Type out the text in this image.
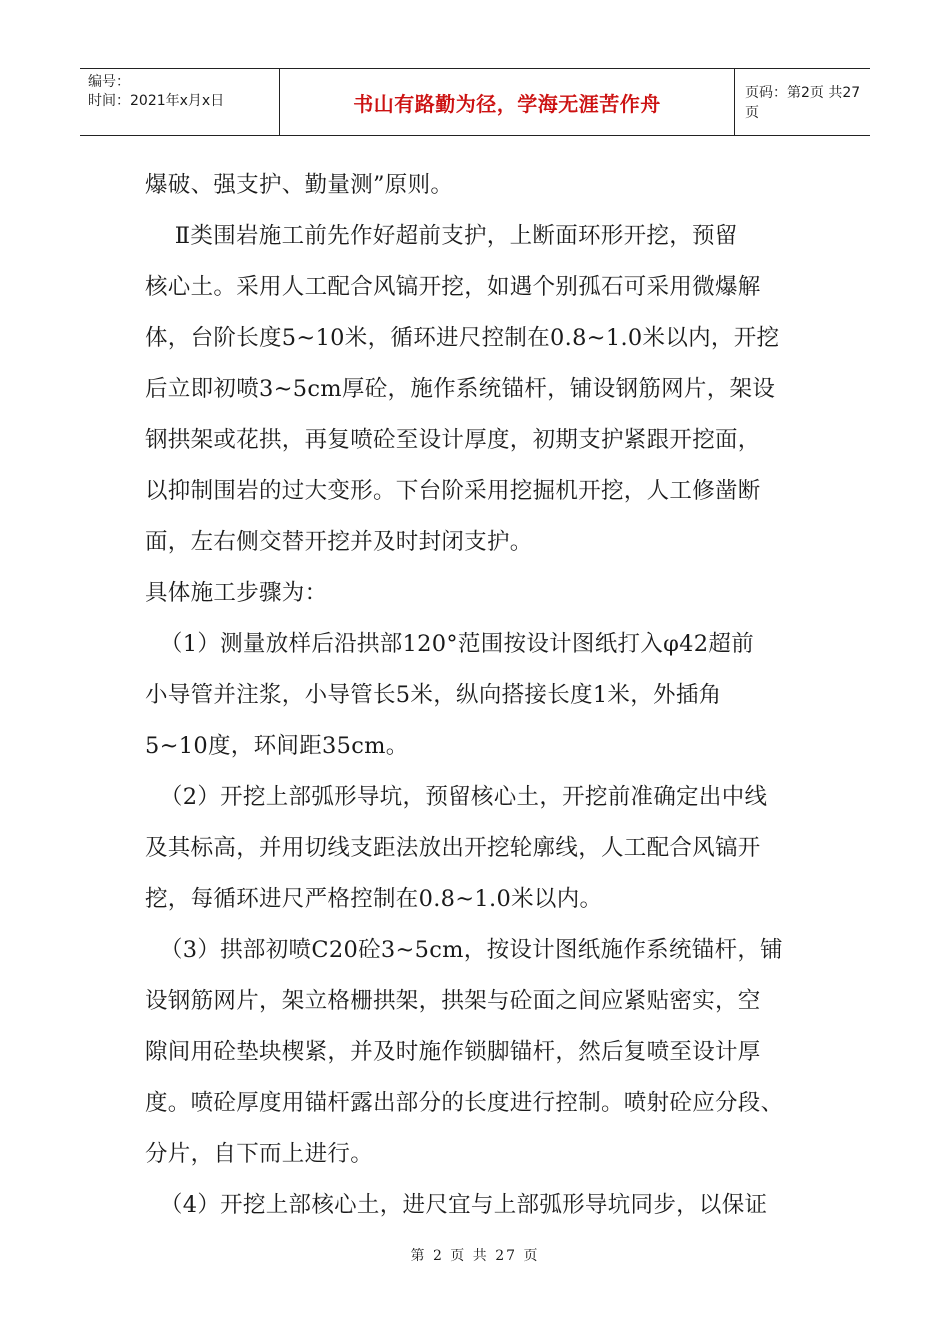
编号：
时间：2021年x月x日	书山有路勤为径，学海无涯苦作舟	页码：第2页 共27页

爆破、强支护、勤量测”原则。

Ⅱ类围岩施工前先作好超前支护，上断面环形开挖，预留

核心土。采用人工配合风镐开挖，如遇个别孤石可采用微爆解

体，台阶长度5~10米，循环进尺控制在0.8~1.0米以内，开挖

后立即初喷3~5cm厚砼，施作系统锚杆，铺设钢筋网片，架设

钢拱架或花拱，再复喷砼至设计厚度，初期支护紧跟开挖面，

以抑制围岩的过大变形。下台阶采用挖掘机开挖，人工修凿断

面，左右侧交替开挖并及时封闭支护。

具体施工步骤为：

（1）测量放样后沿拱部120°范围按设计图纸打入φ42超前

小导管并注浆，小导管长5米，纵向搭接长度1米，外插角

5~10度，环间距35cm。

（2）开挖上部弧形导坑，预留核心土，开挖前准确定出中线

及其标高，并用切线支距法放出开挖轮廓线，人工配合风镐开

挖，每循环进尺严格控制在0.8~1.0米以内。

（3）拱部初喷C20砼3~5cm，按设计图纸施作系统锚杆，铺

设钢筋网片，架立格栅拱架，拱架与砼面之间应紧贴密实，空

隙间用砼垫块楔紧，并及时施作锁脚锚杆，然后复喷至设计厚

度。喷砼厚度用锚杆露出部分的长度进行控制。喷射砼应分段、

分片，自下而上进行。

（4）开挖上部核心土，进尺宜与上部弧形导坑同步，以保证

第 2 页 共 27 页
